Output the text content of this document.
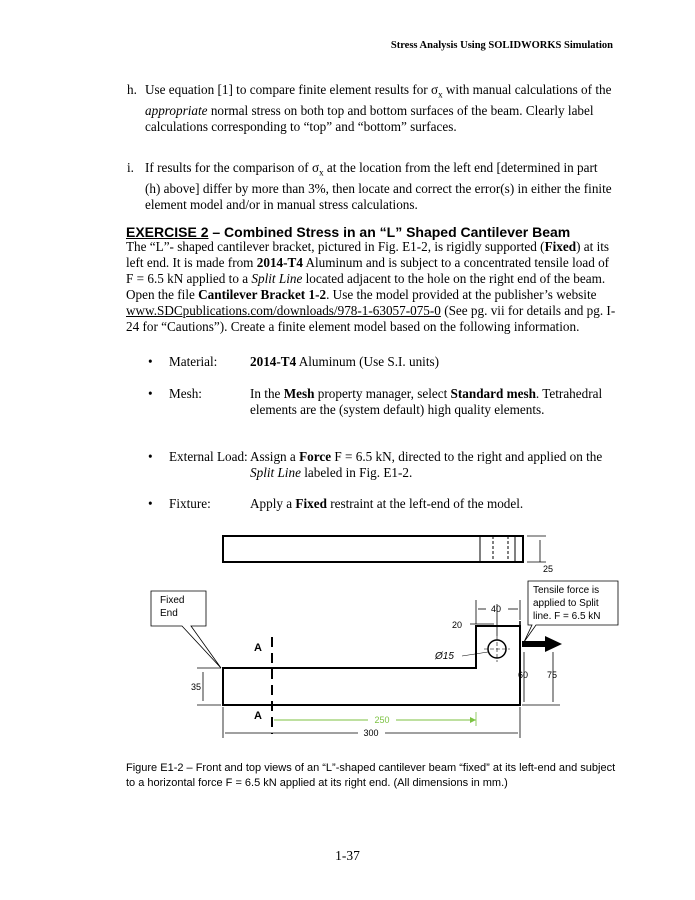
Stress Analysis Using SOLIDWORKS Simulation
h. Use equation [1] to compare finite element results for $\sigma_x$ with manual calculations of the appropriate normal stress on both top and bottom surfaces of the beam. Clearly label calculations corresponding to “top” and “bottom” surfaces.
i. If results for the comparison of $\sigma_x$ at the location from the left end [determined in part (h) above] differ by more than 3%, then locate and correct the error(s) in either the finite element model and/or in manual stress calculations.
EXERCISE 2 – Combined Stress in an “L” Shaped Cantilever Beam
The “L”- shaped cantilever bracket, pictured in Fig. E1-2, is rigidly supported (Fixed) at its left end. It is made from 2014-T4 Aluminum and is subject to a concentrated tensile load of F = 6.5 kN applied to a Split Line located adjacent to the hole on the right end of the beam. Open the file Cantilever Bracket 1-2. Use the model provided at the publisher’s website www.SDCpublications.com/downloads/978-1-63057-075-0 (See pg. vii for details and pg. I-24 for “Cautions”). Create a finite element model based on the following information.
• Material: 2014-T4 Aluminum (Use S.I. units)
• Mesh:	In the Mesh property manager, select Standard mesh. Tetrahedral elements are the (system default) high quality elements.
• External Load: Assign a Force F = 6.5 kN, directed to the right and applied on the Split Line labeled in Fig. E1-2.
• Fixture:	Apply a Fixed restraint at the left-end of the model.
25
A
A
35
60 75
40
20
Ø15
250
300
Fixed
End
Tensile force is
applied to Split
line. F = 6.5 kN
Figure E1-2 – Front and top views of an “L”-shaped cantilever beam “fixed” at its left-end and subject to a horizontal force F = 6.5 kN applied at its right end. (All dimensions in mm.)
1-37
